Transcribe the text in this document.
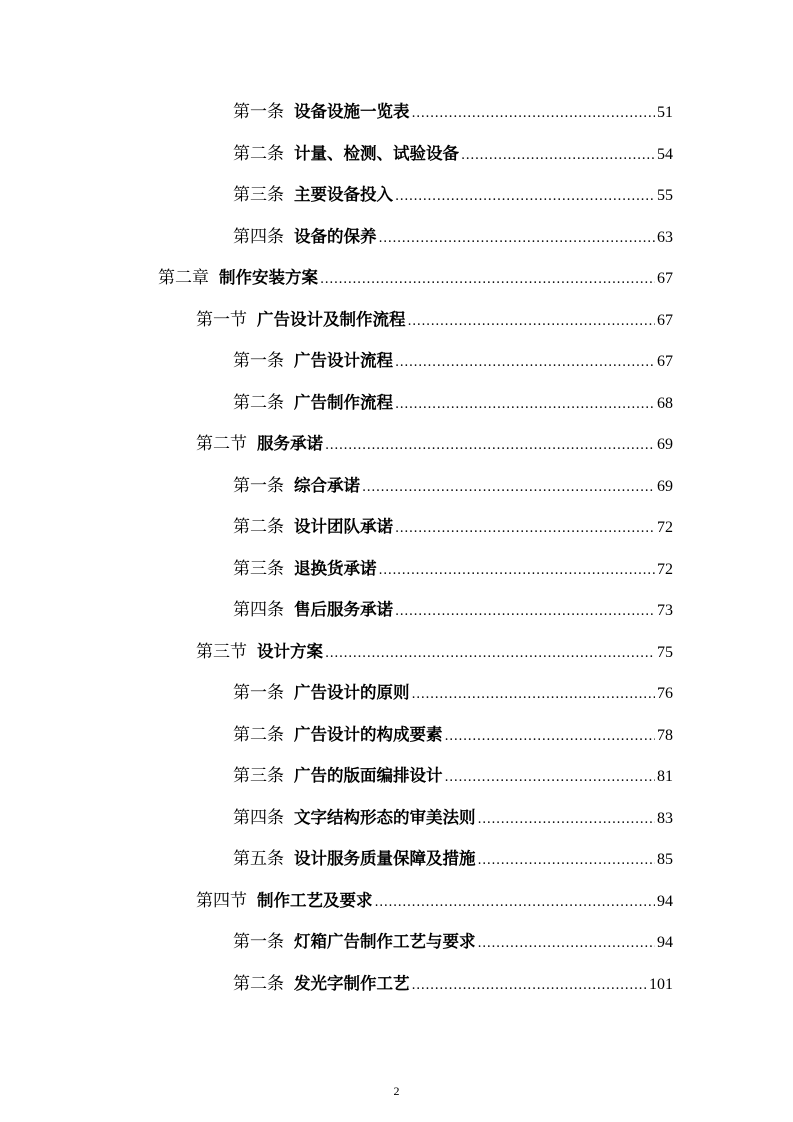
第一条 设备设施一览表 .....	51
第二条 计量、检测、试验设备 .....	54
第三条 主要设备投入 .....	55
第四条 设备的保养 .....	63
第二章 制作安装方案 .....	67
第一节 广告设计及制作流程 .....	67
第一条 广告设计流程 .....	67
第二条 广告制作流程 .....	68
第二节 服务承诺 .....	69
第一条 综合承诺 .....	69
第二条 设计团队承诺 .....	72
第三条 退换货承诺 .....	72
第四条 售后服务承诺 .....	73
第三节 设计方案 .....	75
第一条 广告设计的原则 .....	76
第二条 广告设计的构成要素 .....	78
第三条 广告的版面编排设计 .....	81
第四条 文字结构形态的审美法则 .....	83
第五条 设计服务质量保障及措施 .....	85
第四节 制作工艺及要求 .....	94
第一条 灯箱广告制作工艺与要求 .....	94
第二条 发光字制作工艺 .....	101
2
